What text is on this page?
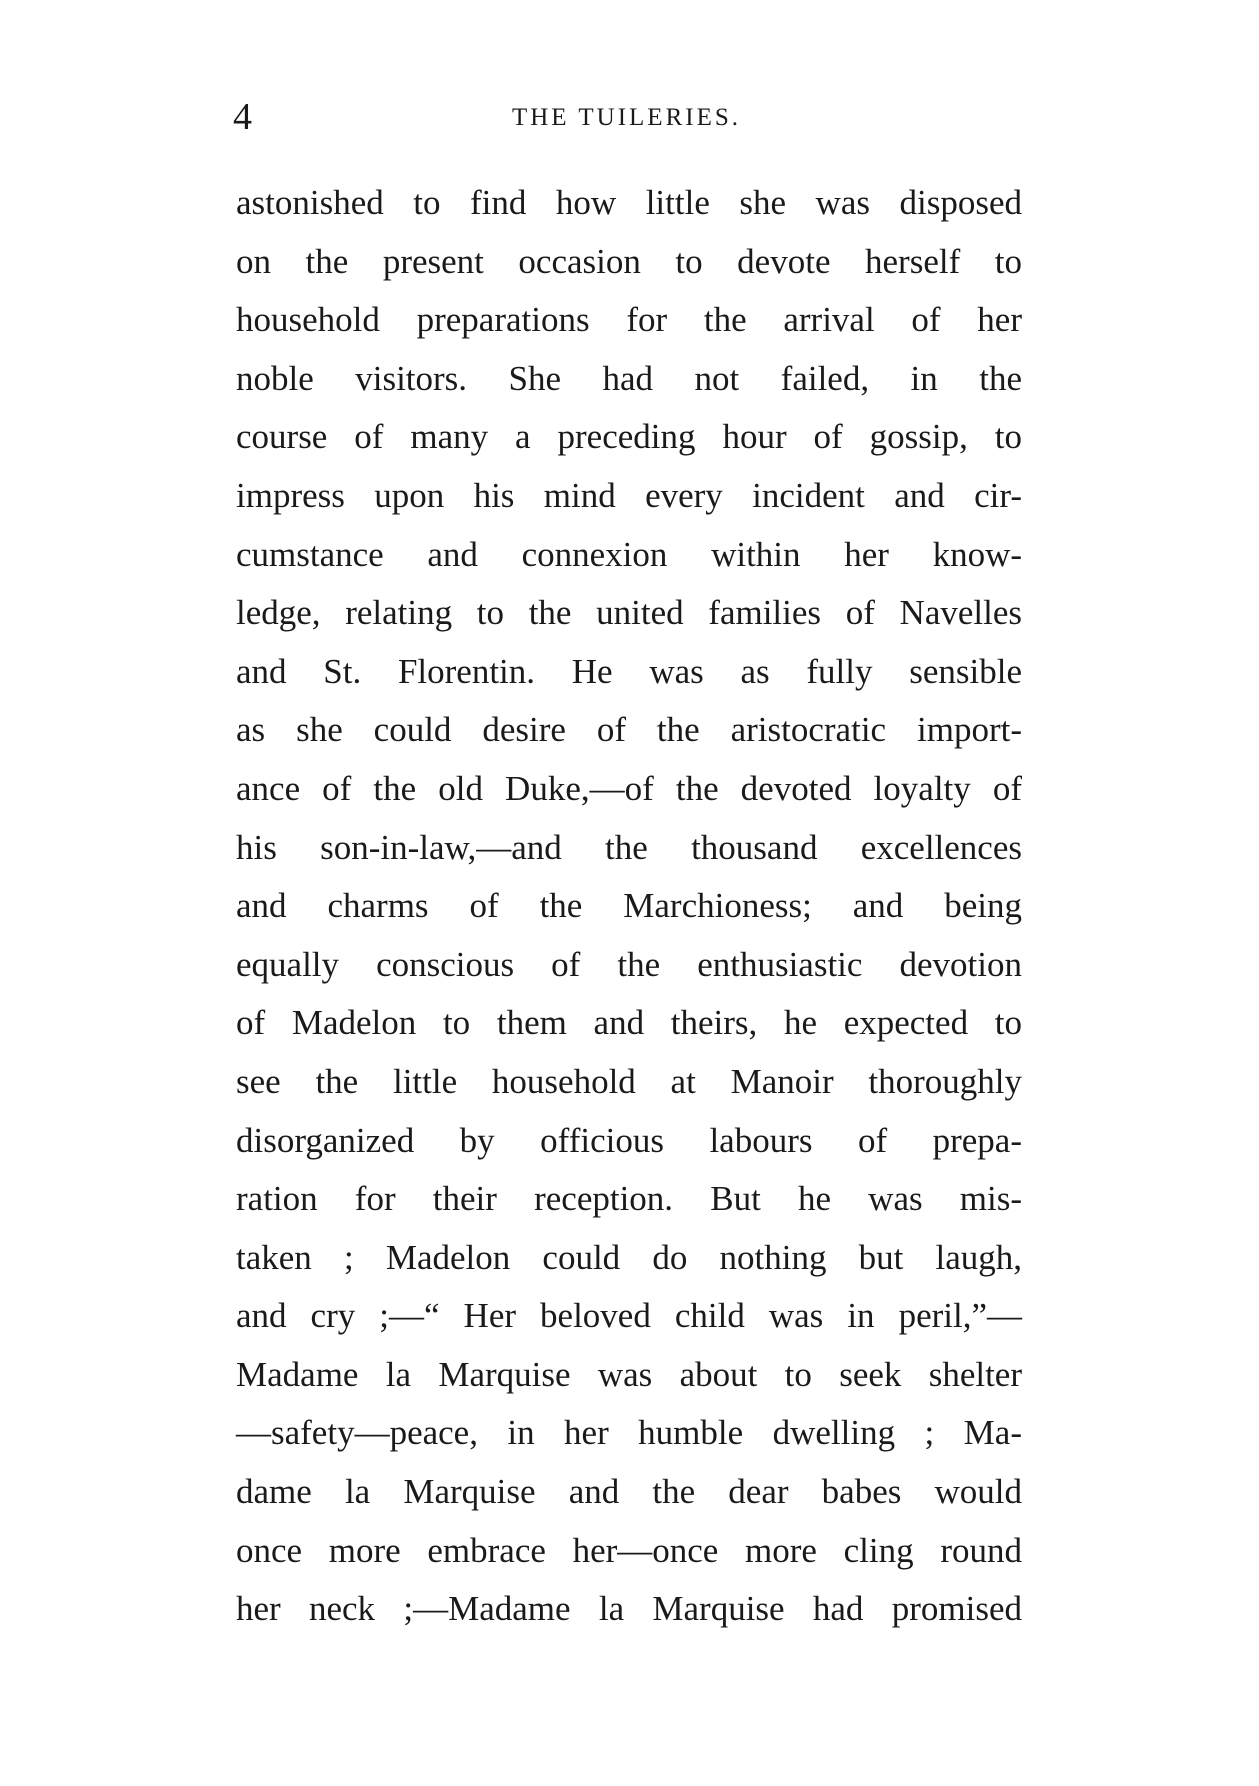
4	THE TUILERIES.
astonished to find how little she was disposed
on the present occasion to devote herself to
household preparations for the arrival of her
noble visitors. She had not failed, in the
course of many a preceding hour of gossip, to
impress upon his mind every incident and cir-
cumstance and connexion within her know-
ledge, relating to the united families of Navelles
and St. Florentin. He was as fully sensible
as she could desire of the aristocratic import-
ance of the old Duke,—of the devoted loyalty of
his son-in-law,—and the thousand excellences
and charms of the Marchioness; and being
equally conscious of the enthusiastic devotion
of Madelon to them and theirs, he expected to
see the little household at Manoir thoroughly
disorganized by officious labours of prepa-
ration for their reception. But he was mis-
taken ; Madelon could do nothing but laugh,
and cry ;—“ Her beloved child was in peril,”—
Madame la Marquise was about to seek shelter
—safety—peace, in her humble dwelling ; Ma-
dame la Marquise and the dear babes would
once more embrace her—once more cling round
her neck ;—Madame la Marquise had promised
